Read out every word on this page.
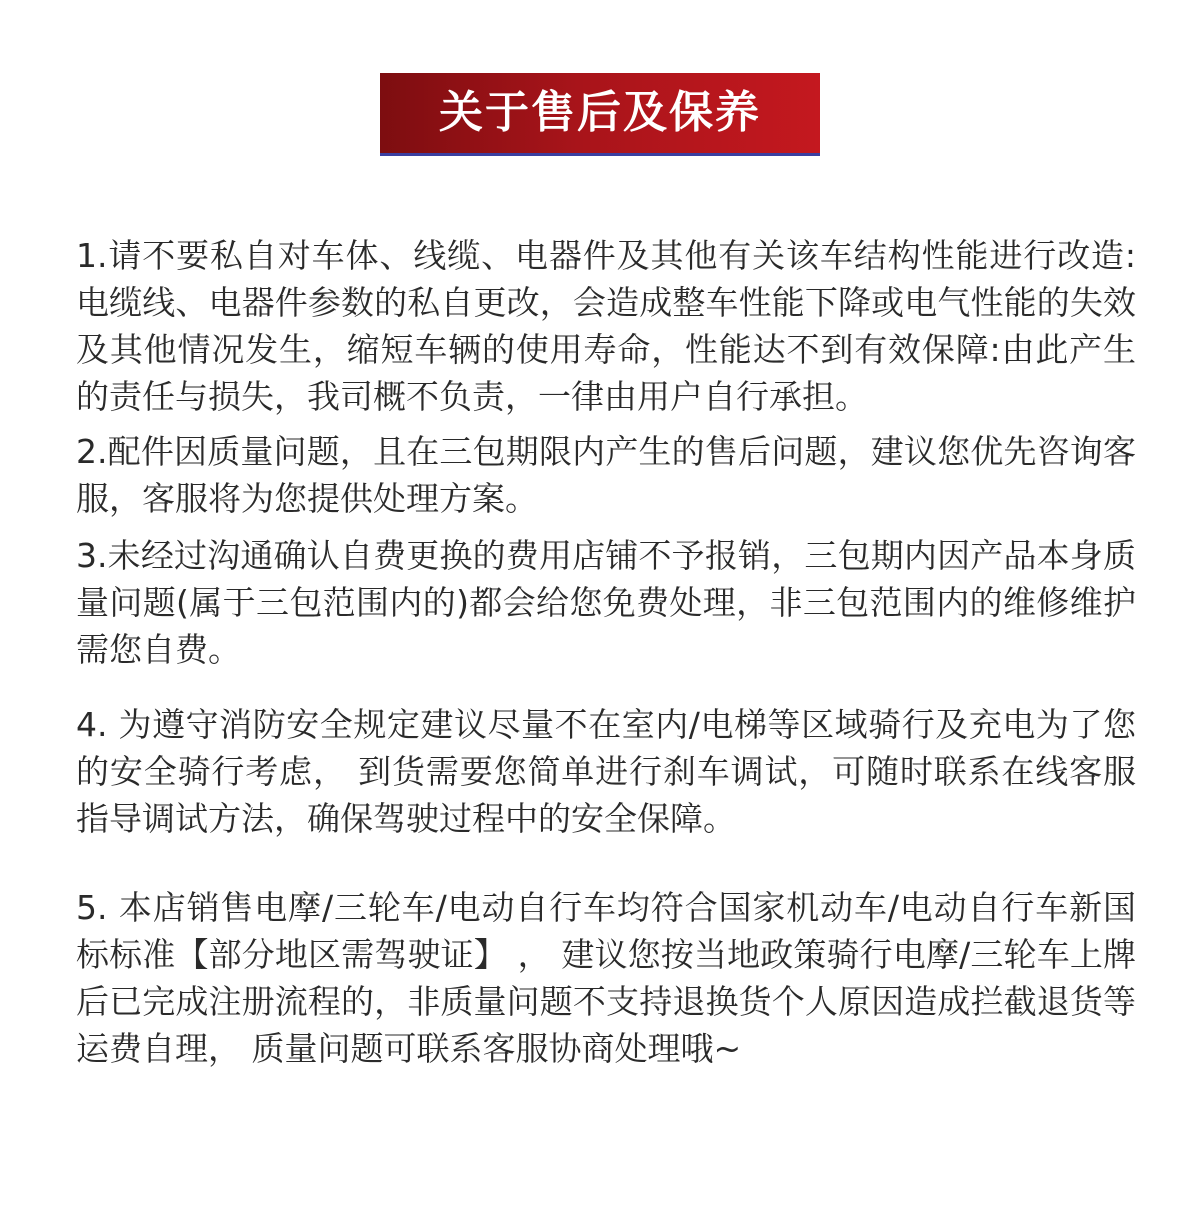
关于售后及保养

1.请不要私自对车体、线缆、电器件及其他有关该车结构性能进行改造:电缆线、电器件参数的私自更改，会造成整车性能下降或电气性能的失效及其他情况发生，缩短车辆的使用寿命，性能达不到有效保障:由此产生的责任与损失，我司概不负责，一律由用户自行承担。

2.配件因质量问题，且在三包期限内产生的售后问题，建议您优先咨询客服，客服将为您提供处理方案。

3.未经过沟通确认自费更换的费用店铺不予报销，三包期内因产品本身质量问题(属于三包范围内的)都会给您免费处理，非三包范围内的维修维护需您自费。

4. 为遵守消防安全规定建议尽量不在室内/电梯等区域骑行及充电为了您的安全骑行考虑， 到货需要您简单进行刹车调试，可随时联系在线客服指导调试方法，确保驾驶过程中的安全保障。

5. 本店销售电摩/三轮车/电动自行车均符合国家机动车/电动自行车新国标标准【部分地区需驾驶证】 ， 建议您按当地政策骑行电摩/三轮车上牌后已完成注册流程的，非质量问题不支持退换货个人原因造成拦截退货等运费自理， 质量问题可联系客服协商处理哦~
